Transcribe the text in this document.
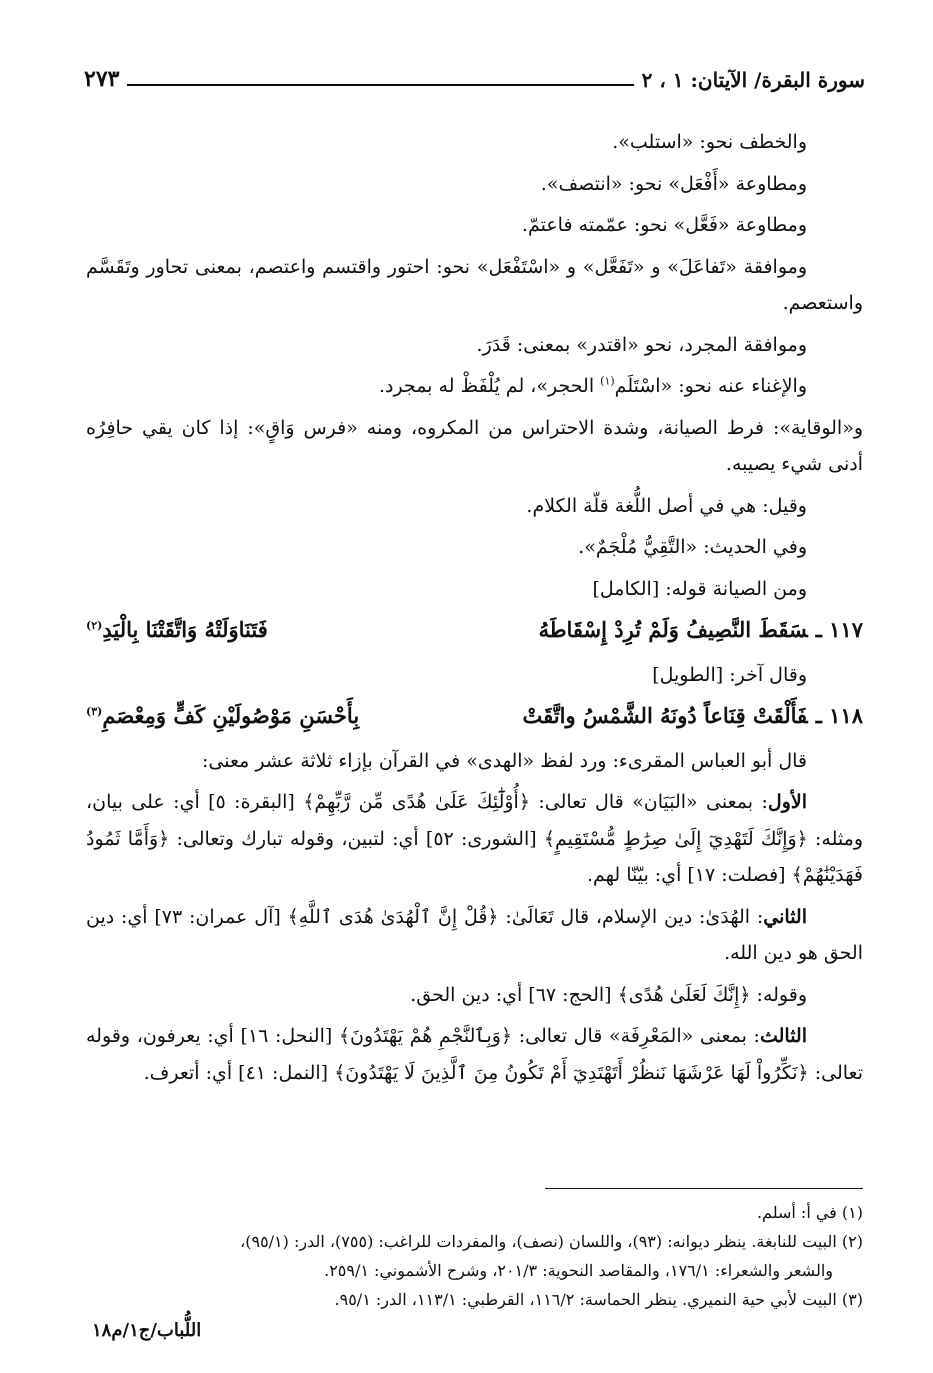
سورة البقرة/ الآيتان: ١ ، ٢
٢٧٣

والخطف نحو: «استلب».

ومطاوعة «أَفْعَل» نحو: «انتصف».

ومطاوعة «فَعَّل» نحو: عمّمته فاعتمّ.

وموافقة «تَفاعَلَ» و «تَفَعَّل» و «اسْتَفْعَل» نحو: احتور واقتسم واعتصم، بمعنى تحاور وتَقَسَّم واستعصم.

وموافقة المجرد، نحو «اقتدر» بمعنى: قَدَرَ.

والإغناء عنه نحو: «اسْتَلَم$^{(١)}$ الحجر»، لم يُلْفَظْ له بمجرد.

و«الوقاية»: فرط الصيانة، وشدة الاحتراس من المكروه، ومنه «فرس وَاقٍ»: إذا كان يقي حافِرُه أدنى شيء يصيبه.

وقيل: هي في أصل اللُّغة قلّة الكلام.

وفي الحديث: «التَّقِيُّ مُلْجَمٌ».

ومن الصيانة قوله: [الكامل]

١١٧ ـسَقَطَ النَّصِيفُ وَلَمْ تُرِدْ إِسْقَاطَهُ
فَتَنَاوَلَتْهُ وَاتَّقَتْنَا بِالْيَدِ$^{(٢)}$

وقال آخر: [الطويل]

١١٨ ـفَأَلْقَتْ قِنَاعاً دُونَهُ الشَّمْسُ واتَّقَتْ
بِأَحْسَنِ مَوْصُولَيْنِ كَفٍّ وَمِعْصَمِ$^{(٣)}$

قال أبو العباس المقرىء: ورد لفظ «الهدى» في القرآن بإزاء ثلاثة عشر معنى:

الأول: بمعنى «البَيَان» قال تعالى: ﴿أُوْلَٰٓئِكَ عَلَىٰ هُدًى مِّن رَّبِّهِمْ﴾ [البقرة: ٥] أي: على بيان، ومثله: ﴿وَإِنَّكَ لَتَهْدِيٓ إِلَىٰ صِرَٰطٍ مُّسْتَقِيمٍ﴾ [الشورى: ٥٢] أي: لتبين، وقوله تبارك وتعالى: ﴿وَأَمَّا ثَمُودُ فَهَدَيْنَٰهُمْ﴾ [فصلت: ١٧] أي: بيّنّا لهم.

الثاني: الهُدَىٰ: دين الإسلام، قال تَعَالَىٰ: ﴿قُلْ إِنَّ ٱلْهُدَىٰ هُدَى ٱللَّهِ﴾ [آل عمران: ٧٣] أي: دين الحق هو دين الله.

وقوله: ﴿إِنَّكَ لَعَلَىٰ هُدًى﴾ [الحج: ٦٧] أي: دين الحق.

الثالث: بمعنى «المَعْرِفَة» قال تعالى: ﴿وَبِٱلنَّجْمِ هُمْ يَهْتَدُونَ﴾ [النحل: ١٦] أي: يعرفون، وقوله تعالى: ﴿نَكِّرُواْ لَهَا عَرْشَهَا نَنظُرْ أَتَهْتَدِيٓ أَمْ تَكُونُ مِنَ ٱلَّذِينَ لَا يَهْتَدُونَ﴾ [النمل: ٤١] أي: أتعرف.

(١) في أ: أسلم.

(٢) البيت للنابغة. ينظر ديوانه: (٩٣)، واللسان (نصف)، والمفردات للراغب: (٧٥٥)، الدر: (٩٥/١)،

والشعر والشعراء: ١٧٦/١، والمقاصد النحوية: ٢٠١/٣، وشرح الأشموني: ٢٥٩/١.

(٣) البيت لأبي حية النميري. ينظر الحماسة: ١١٦/٢، القرطبي: ١١٣/١، الدر: ٩٥/١.

اللُّباب/ج١/م١٨
